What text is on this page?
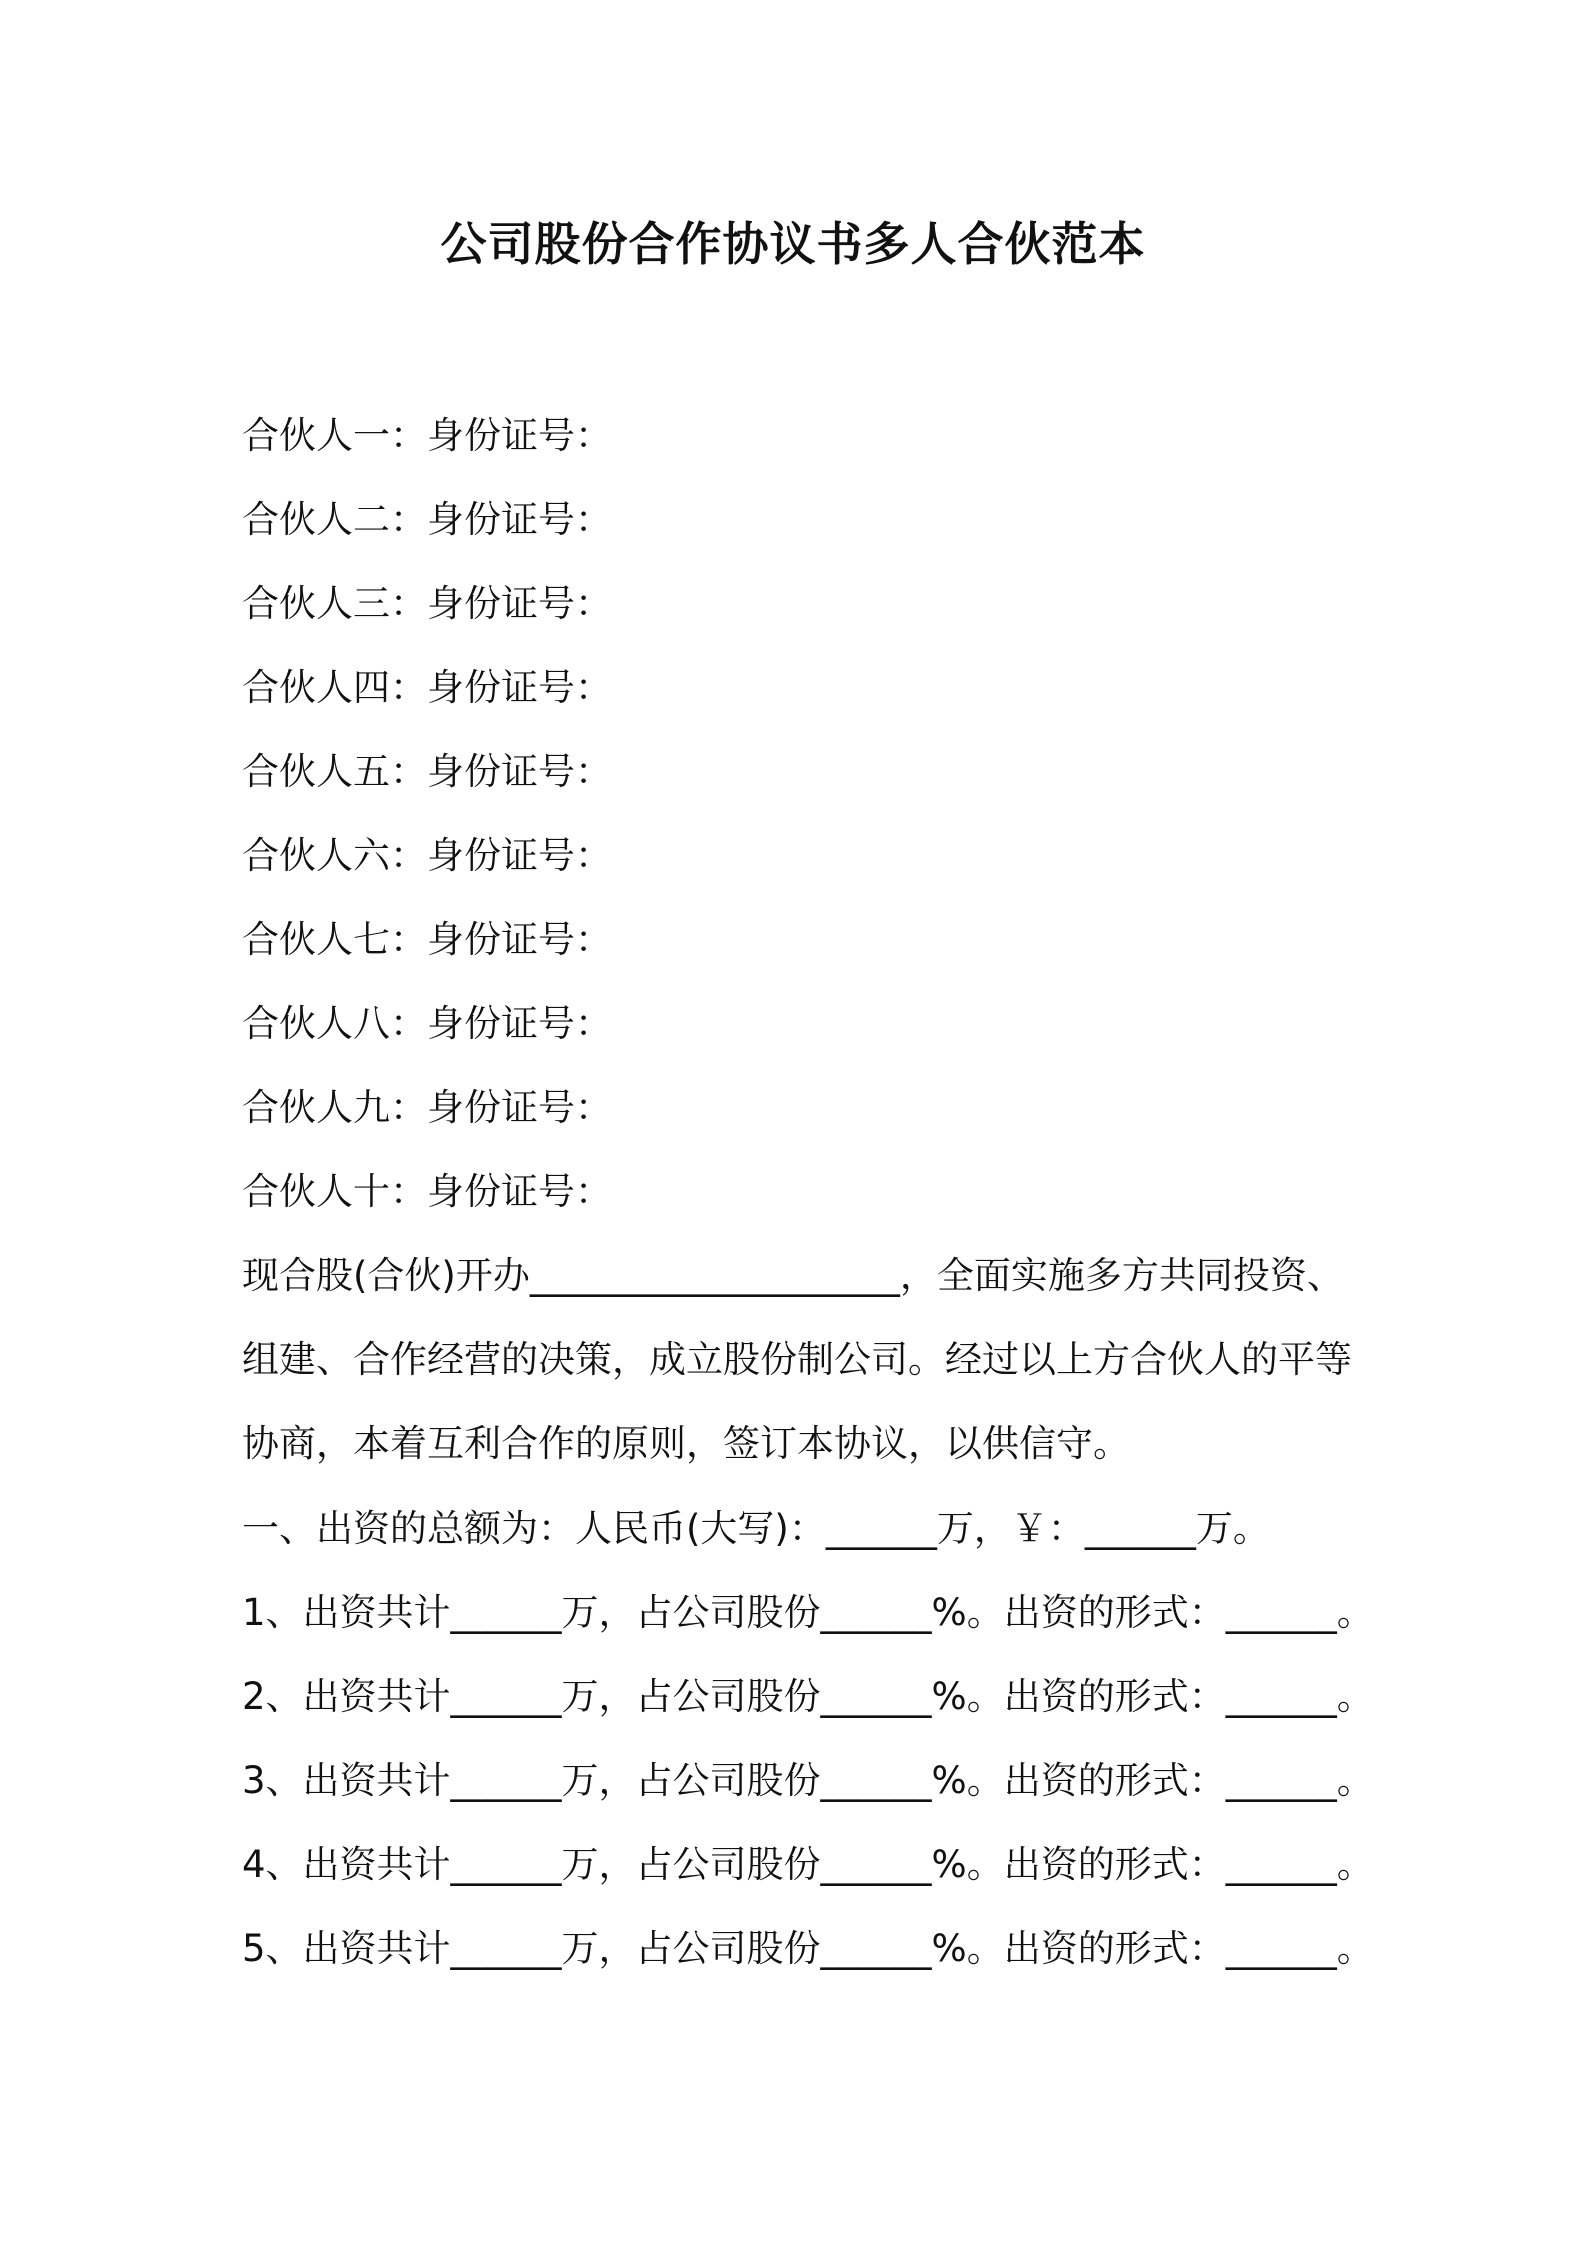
公司股份合作协议书多人合伙范本
合伙人一：身份证号：
合伙人二：身份证号：
合伙人三：身份证号：
合伙人四：身份证号：
合伙人五：身份证号：
合伙人六：身份证号：
合伙人七：身份证号：
合伙人八：身份证号：
合伙人九：身份证号：
合伙人十：身份证号：
现合股(合伙)开办____________________，全面实施多方共同投资、
组建、合作经营的决策，成立股份制公司。经过以上方合伙人的平等
协商，本着互利合作的原则，签订本协议，以供信守。
一、出资的总额为：人民币(大写)：______万，￥：______万。
1、出资共计______万，占公司股份______%。出资的形式：______。
2、出资共计______万，占公司股份______%。出资的形式：______。
3、出资共计______万，占公司股份______%。出资的形式：______。
4、出资共计______万，占公司股份______%。出资的形式：______。
5、出资共计______万，占公司股份______%。出资的形式：______。
